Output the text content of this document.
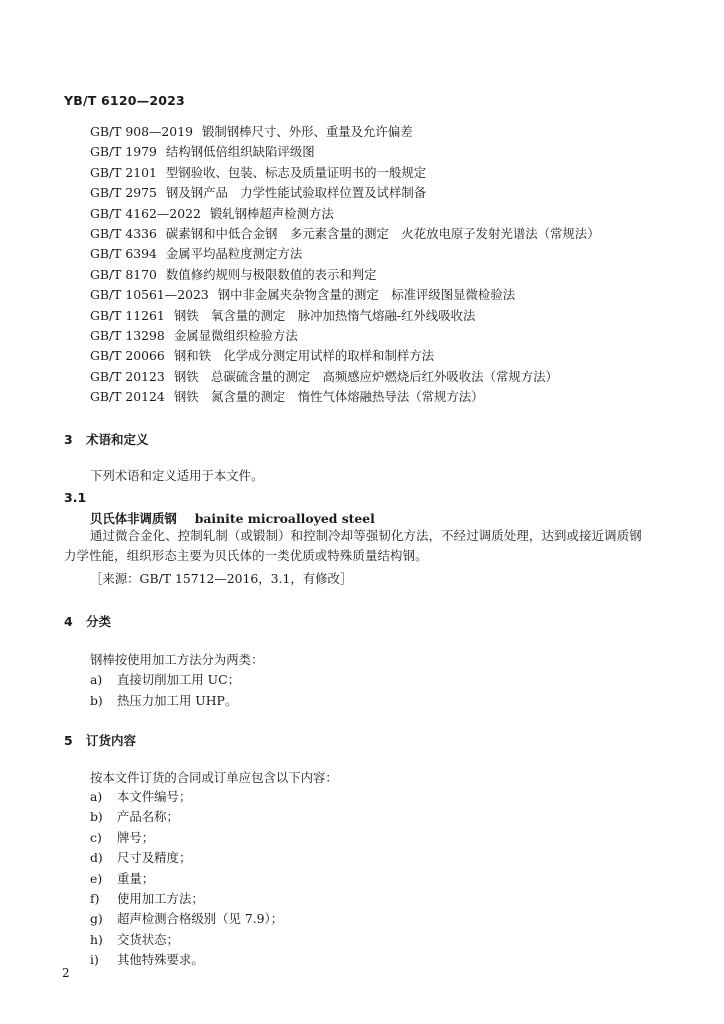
YB/T 6120—2023
GB/T 908—2019 锻制钢棒尺寸、外形、重量及允许偏差
GB/T 1979 结构钢低倍组织缺陷评级图
GB/T 2101 型钢验收、包装、标志及质量证明书的一般规定
GB/T 2975 钢及钢产品　力学性能试验取样位置及试样制备
GB/T 4162—2022 锻轧钢棒超声检测方法
GB/T 4336 碳素钢和中低合金钢　多元素含量的测定　火花放电原子发射光谱法（常规法）
GB/T 6394 金属平均晶粒度测定方法
GB/T 8170 数值修约规则与极限数值的表示和判定
GB/T 10561—2023 钢中非金属夹杂物含量的测定　标准评级图显微检验法
GB/T 11261 钢铁　氧含量的测定　脉冲加热惰气熔融-红外线吸收法
GB/T 13298 金属显微组织检验方法
GB/T 20066 钢和铁　化学成分测定用试样的取样和制样方法
GB/T 20123 钢铁　总碳硫含量的测定　高频感应炉燃烧后红外吸收法（常规方法）
GB/T 20124 钢铁　氮含量的测定　惰性气体熔融热导法（常规方法）
3 术语和定义
下列术语和定义适用于本文件。
3.1
贝氏体非调质钢 bainite microalloyed steel
通过微合金化、控制轧制（或锻制）和控制冷却等强韧化方法，不经过调质处理，达到或接近调质钢力学性能，组织形态主要为贝氏体的一类优质或特殊质量结构钢。
［来源：GB/T 15712—2016，3.1，有修改］
4 分类
钢棒按使用加工方法分为两类：
a) 直接切削加工用 UC；
b) 热压力加工用 UHP。
5 订货内容
按本文件订货的合同或订单应包含以下内容：
a) 本文件编号；
b) 产品名称；
c) 牌号；
d) 尺寸及精度；
e) 重量；
f) 使用加工方法；
g) 超声检测合格级别（见 7.9）；
h) 交货状态；
i) 其他特殊要求。
2
